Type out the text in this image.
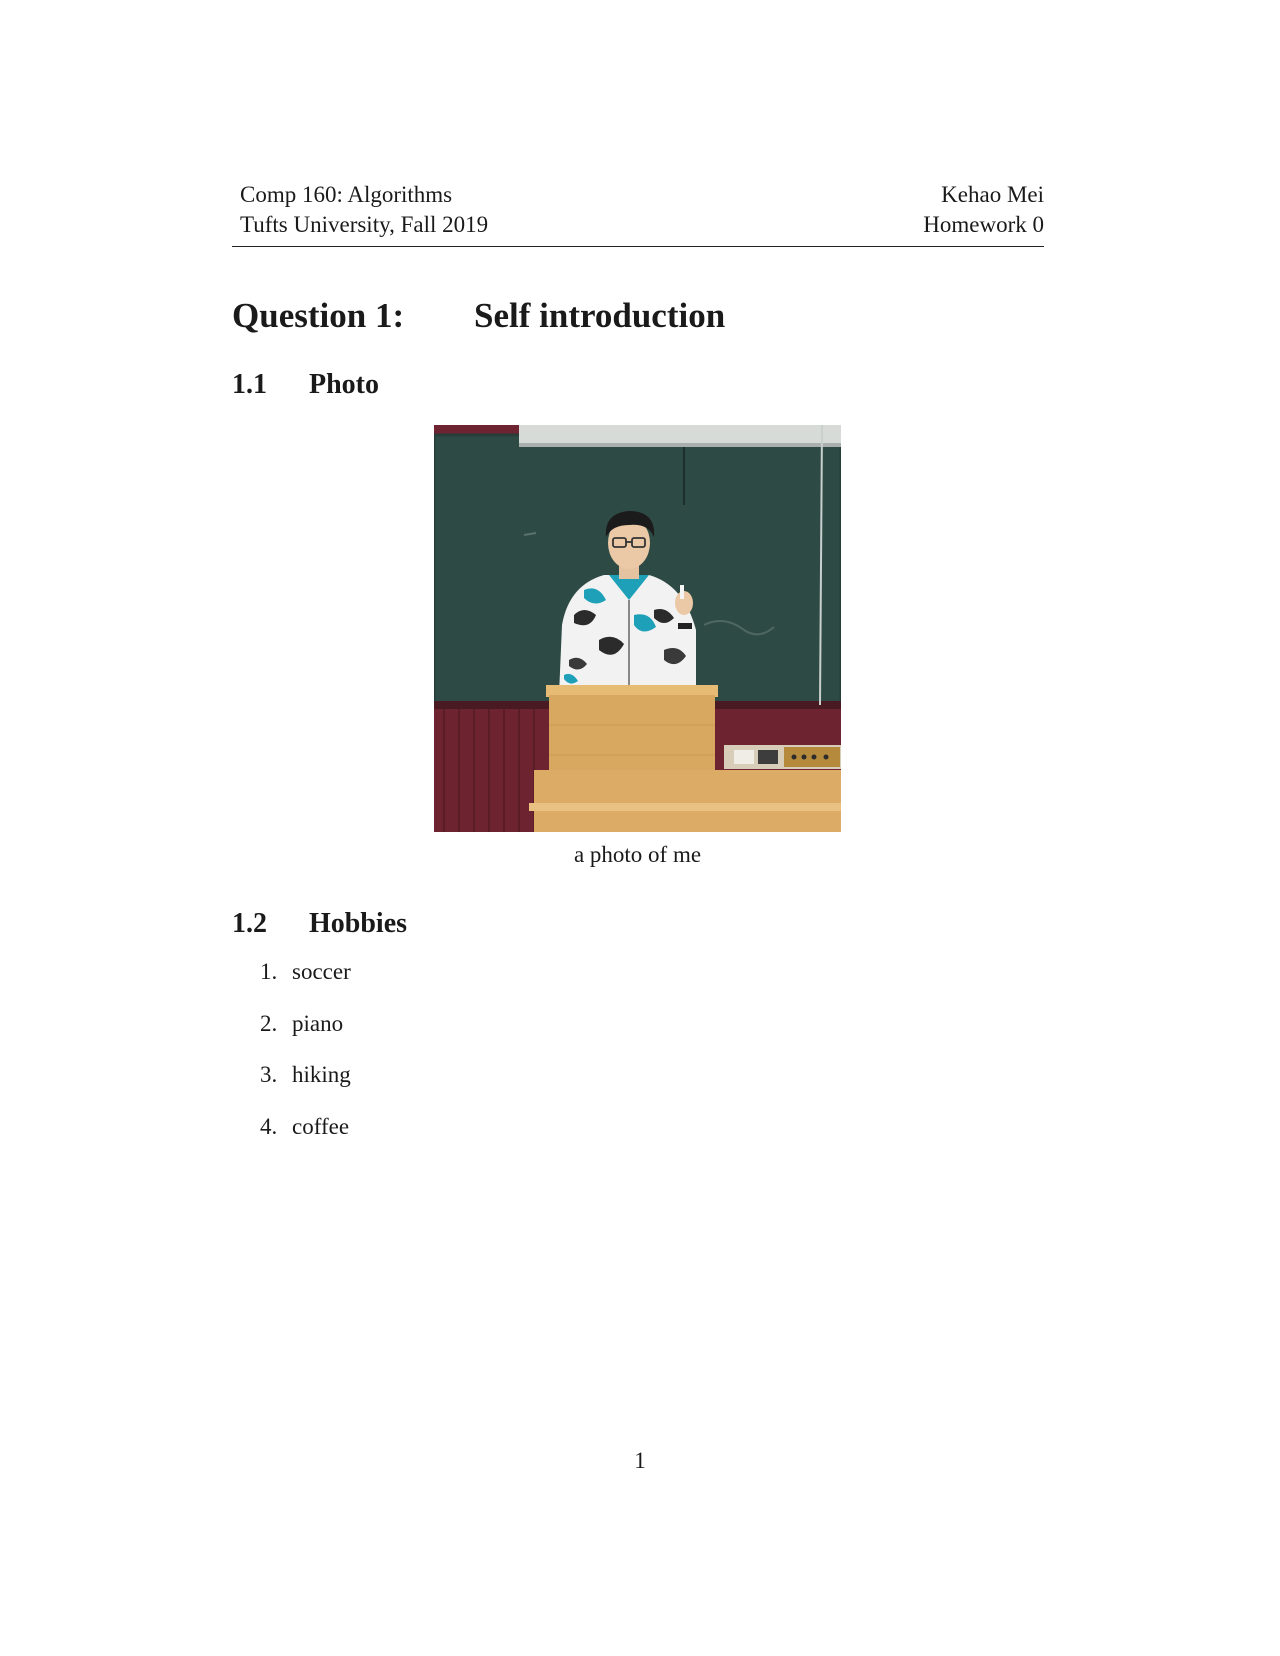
Comp 160: Algorithms
Tufts University, Fall 2019
Kehao Mei
Homework 0
Question 1: Self introduction
1.1 Photo
a photo of me
1.2 Hobbies
1. soccer
2. piano
3. hiking
4. coffee
1
